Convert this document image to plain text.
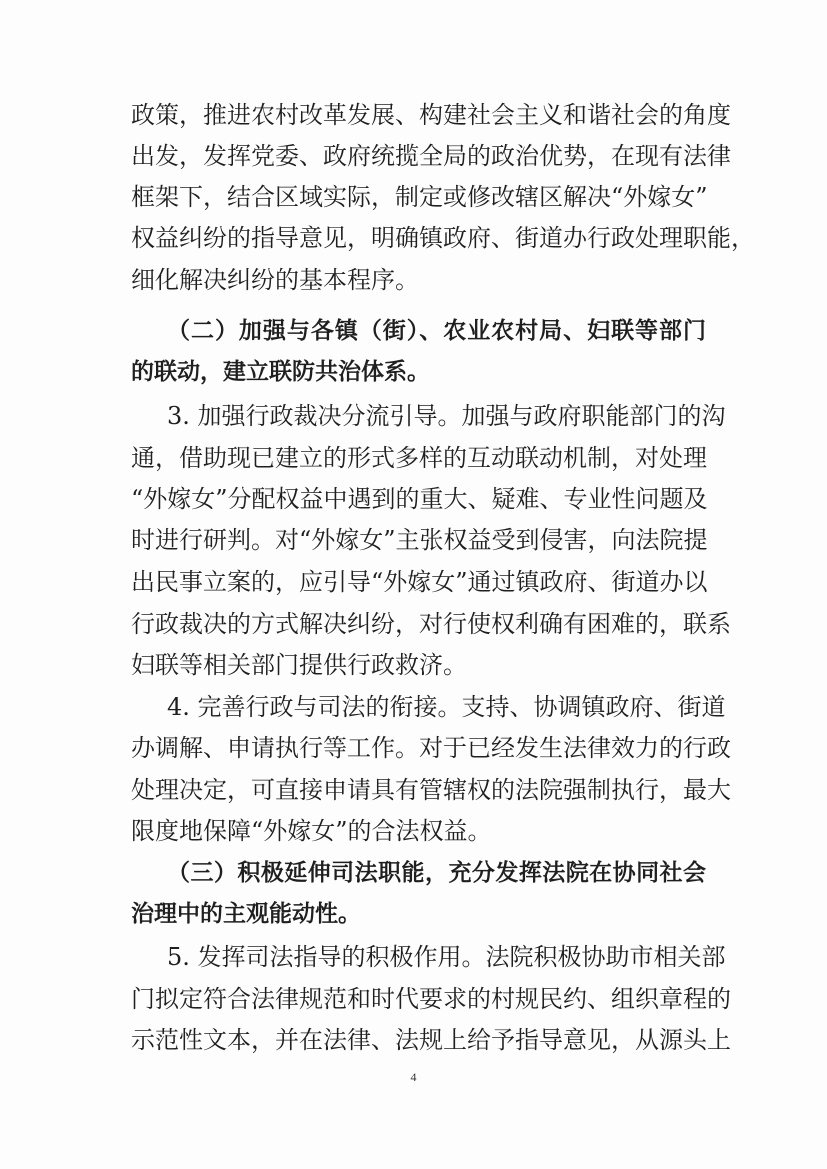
政策，推进农村改革发展、构建社会主义和谐社会的角度
出发，发挥党委、政府统揽全局的政治优势，在现有法律
框架下，结合区域实际，制定或修改辖区解决“外嫁女”
权益纠纷的指导意见，明确镇政府、街道办行政处理职能，
细化解决纠纷的基本程序。
（二）加强与各镇（街）、农业农村局、妇联等部门
的联动，建立联防共治体系。
3. 加强行政裁决分流引导。加强与政府职能部门的沟
通，借助现已建立的形式多样的互动联动机制，对处理
“外嫁女”分配权益中遇到的重大、疑难、专业性问题及
时进行研判。对“外嫁女”主张权益受到侵害，向法院提
出民事立案的，应引导“外嫁女”通过镇政府、街道办以
行政裁决的方式解决纠纷，对行使权利确有困难的，联系
妇联等相关部门提供行政救济。
4. 完善行政与司法的衔接。支持、协调镇政府、街道
办调解、申请执行等工作。对于已经发生法律效力的行政
处理决定，可直接申请具有管辖权的法院强制执行，最大
限度地保障“外嫁女”的合法权益。
（三）积极延伸司法职能，充分发挥法院在协同社会
治理中的主观能动性。
5. 发挥司法指导的积极作用。法院积极协助市相关部
门拟定符合法律规范和时代要求的村规民约、组织章程的
示范性文本，并在法律、法规上给予指导意见，从源头上
4
